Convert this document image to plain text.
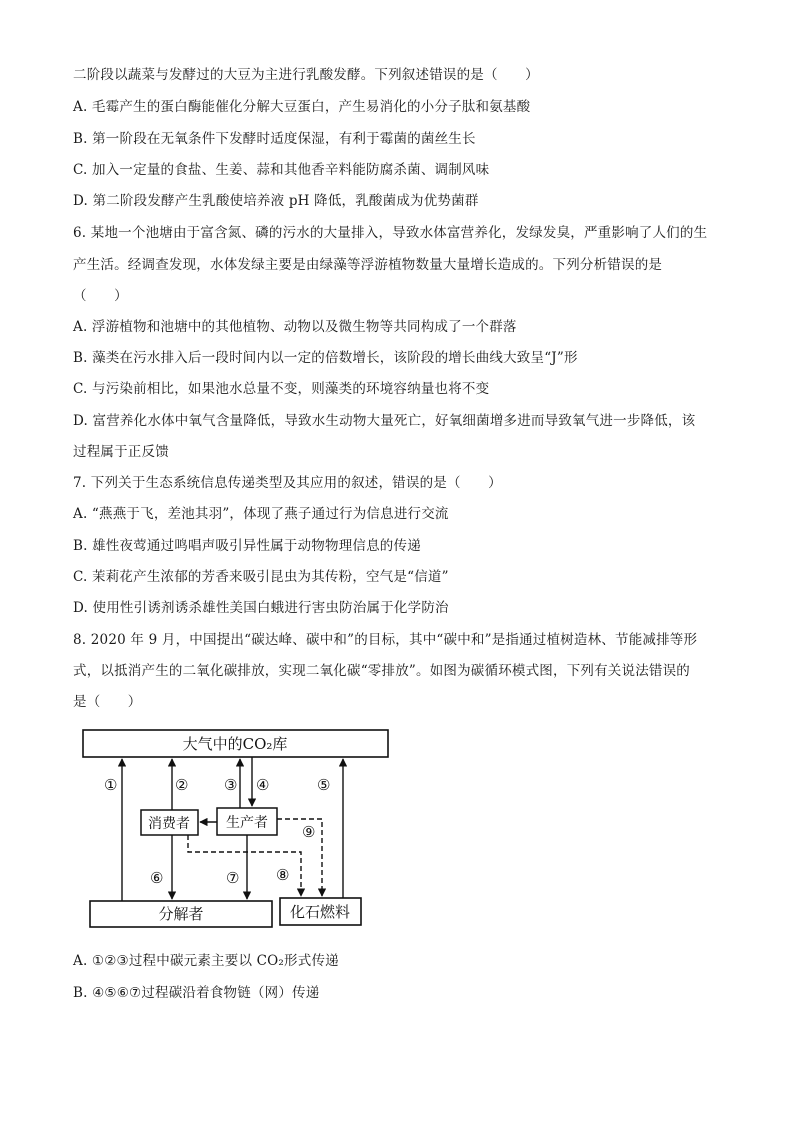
二阶段以蔬菜与发酵过的大豆为主进行乳酸发酵。下列叙述错误的是（　　）
A. 毛霉产生的蛋白酶能催化分解大豆蛋白，产生易消化的小分子肽和氨基酸
B. 第一阶段在无氧条件下发酵时适度保湿，有利于霉菌的菌丝生长
C. 加入一定量的食盐、生姜、蒜和其他香辛料能防腐杀菌、调制风味
D. 第二阶段发酵产生乳酸使培养液 pH 降低，乳酸菌成为优势菌群
6. 某地一个池塘由于富含氮、磷的污水的大量排入，导致水体富营养化，发绿发臭，严重影响了人们的生
产生活。经调查发现，水体发绿主要是由绿藻等浮游植物数量大量增长造成的。下列分析错误的是
（　　）
A. 浮游植物和池塘中的其他植物、动物以及微生物等共同构成了一个群落
B. 藻类在污水排入后一段时间内以一定的倍数增长，该阶段的增长曲线大致呈“J”形
C. 与污染前相比，如果池水总量不变，则藻类的环境容纳量也将不变
D. 富营养化水体中氧气含量降低，导致水生动物大量死亡，好氧细菌增多进而导致氧气进一步降低，该
过程属于正反馈
7. 下列关于生态系统信息传递类型及其应用的叙述，错误的是（　　）
A. “燕燕于飞，差池其羽”，体现了燕子通过行为信息进行交流
B. 雄性夜莺通过鸣唱声吸引异性属于动物物理信息的传递
C. 茉莉花产生浓郁的芳香来吸引昆虫为其传粉，空气是“信道”
D. 使用性引诱剂诱杀雄性美国白蛾进行害虫防治属于化学防治
8. 2020 年 9 月，中国提出“碳达峰、碳中和”的目标，其中“碳中和”是指通过植树造林、节能减排等形
式，以抵消产生的二氧化碳排放，实现二氧化碳“零排放”。如图为碳循环模式图，下列有关说法错误的
是（　　）
大气中的CO₂库
消费者	生产者
分解者	化石燃料
①	② ③ ④	⑤
⑥	⑦ ⑧
⑨
A. ①②③过程中碳元素主要以 CO₂形式传递
B. ④⑤⑥⑦过程碳沿着食物链（网）传递
